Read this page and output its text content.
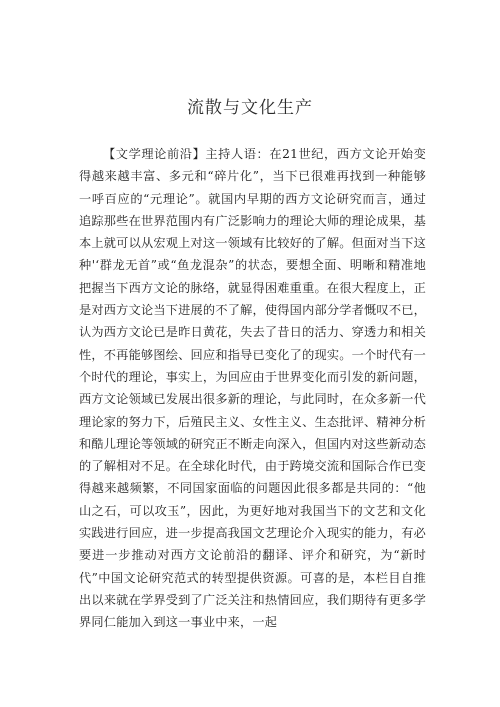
流散与文化生产

【文学理论前沿】主持人语：在21世纪，西方文论开始变得越来越丰富、多元和“碎片化”，当下已很难再找到一种能够一呼百应的“元理论”。就国内早期的西方文论研究而言，通过追踪那些在世界范围内有广泛影响力的理论大师的理论成果，基本上就可以从宏观上对这一领域有比较好的了解。但面对当下这种'‘群龙无首”或“鱼龙混杂”的状态，要想全面、明晰和精准地把握当下西方文论的脉络，就显得困难重重。在很大程度上，正是对西方文论当下进展的不了解，使得国内部分学者慨叹不已，认为西方文论已是昨日黄花，失去了昔日的活力、穿透力和相关性，不再能够图绘、回应和指导已变化了的现实。一个时代有一个时代的理论，事实上，为回应由于世界变化而引发的新问题，西方文论领域已发展出很多新的理论，与此同时，在众多新一代理论家的努力下，后殖民主义、女性主义、生态批评、精神分析和酷儿理论等领域的研究正不断走向深入，但国内对这些新动态的了解相对不足。在全球化时代，由于跨境交流和国际合作已变得越来越频繁，不同国家面临的问题因此很多都是共同的：“他山之石，可以攻玉”，因此，为更好地对我国当下的文艺和文化实践进行回应，进一步提高我国文艺理论介入现实的能力，有必要进一步推动对西方文论前沿的翻译、评介和研究，为“新时代”中国文论研究范式的转型提供资源。可喜的是，本栏目自推出以来就在学界受到了广泛关注和热情回应，我们期待有更多学界同仁能加入到这一事业中来，一起
